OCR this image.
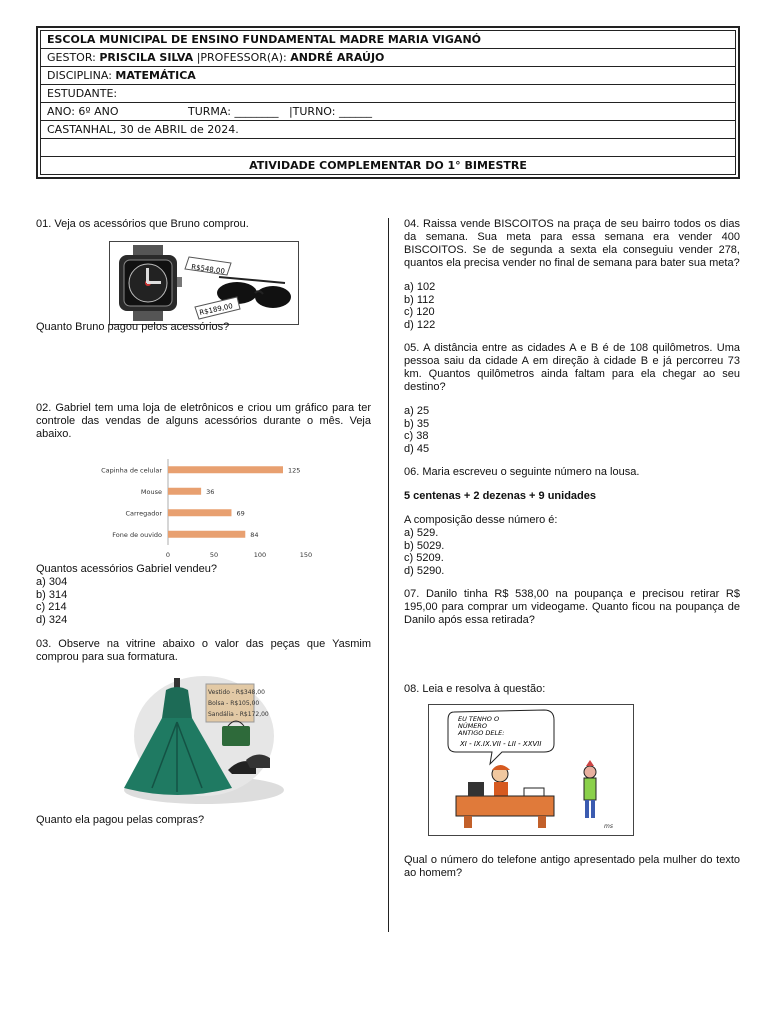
ESCOLA MUNICIPAL DE ENSINO FUNDAMENTAL MADRE MARIA VIGANÓ
GESTOR: PRISCILA SILVA |PROFESSOR(A): ANDRÉ ARAÚJO
DISCIPLINA: MATEMÁTICA
ESTUDANTE:
ANO: 6º ANO	TURMA: ________ |TURNO: ______
CASTANHAL, 30 de ABRIL de 2024.

ATIVIDADE COMPLEMENTAR DO 1° BIMESTRE

01. Veja os acessórios que Bruno comprou.

R$548,00
R$189,00

Quanto Bruno pagou pelos acessórios?

02. Gabriel tem uma loja de eletrônicos e criou um gráfico para ter controle das vendas de alguns acessórios durante o mês. Veja abaixo.

Capinha de celular	125
Mouse	36
Carregador	69
Fone de ouvido	84
0	50	100	150

Quantos acessórios Gabriel vendeu?

a) 304
b) 314
c) 214
d) 324

03. Observe na vitrine abaixo o valor das peças que Yasmim comprou para sua formatura.

Vestido - R$348,00
Bolsa - R$105,00
Sandália - R$172,00

Quanto ela pagou pelas compras?

04. Raissa vende BISCOITOS na praça de seu bairro todos os dias da semana. Sua meta para essa semana era vender 400 BISCOITOS. Se de segunda a sexta ela conseguiu vender 278, quantos ela precisa vender no final de semana para bater sua meta?

a) 102
b) 112
c) 120
d) 122

05. A distância entre as cidades A e B é de 108 quilômetros. Uma pessoa saiu da cidade A em direção à cidade B e já percorreu 73 km. Quantos quilômetros ainda faltam para ela chegar ao seu destino?

a) 25
b) 35
c) 38
d) 45

06. Maria escreveu o seguinte número na lousa.

5 centenas + 2 dezenas + 9 unidades

A composição desse número é:

a) 529.
b) 5029.
c) 5209.
d) 5290.

07. Danilo tinha R$ 538,00 na poupança e precisou retirar R$ 195,00 para comprar um videogame. Quanto ficou na poupança de Danilo após essa retirada?

08. Leia e resolva à questão:

EU TENHO O
NÚMERO
ANTIGO DELE:
XI - IX.IX.VII - LII - XXVII
ms

Qual o número do telefone antigo apresentado pela mulher do texto ao homem?
